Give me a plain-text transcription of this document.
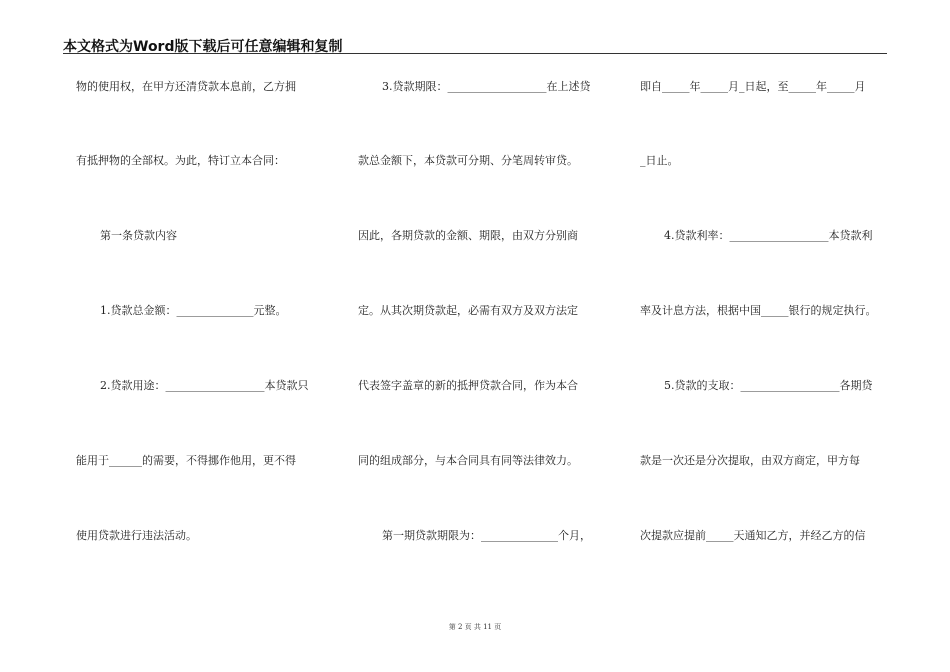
本文格式为Word版下载后可任意编辑和复制
物的使用权，在甲方还清贷款本息前，乙方拥
有抵押物的全部权。为此，特订立本合同：
第一条贷款内容
1.贷款总金额：______________元整。
2.贷款用途：__________________本贷款只
能用于______的需要，不得挪作他用，更不得
使用贷款进行违法活动。
3.贷款期限：__________________在上述贷
款总金额下，本贷款可分期、分笔周转审贷。
因此，各期贷款的金额、期限，由双方分别商
定。从其次期贷款起，必需有双方及双方法定
代表签字盖章的新的抵押贷款合同，作为本合
同的组成部分，与本合同具有同等法律效力。
第一期贷款期限为：______________个月，
即自_____年_____月_日起，至_____年_____月
_日止。
4.贷款利率：__________________本贷款利
率及计息方法，根据中国_____银行的规定执行。
5.贷款的支取：__________________各期贷
款是一次还是分次提取，由双方商定，甲方每
次提款应提前_____天通知乙方，并经乙方的信
第 2 页 共 11 页
